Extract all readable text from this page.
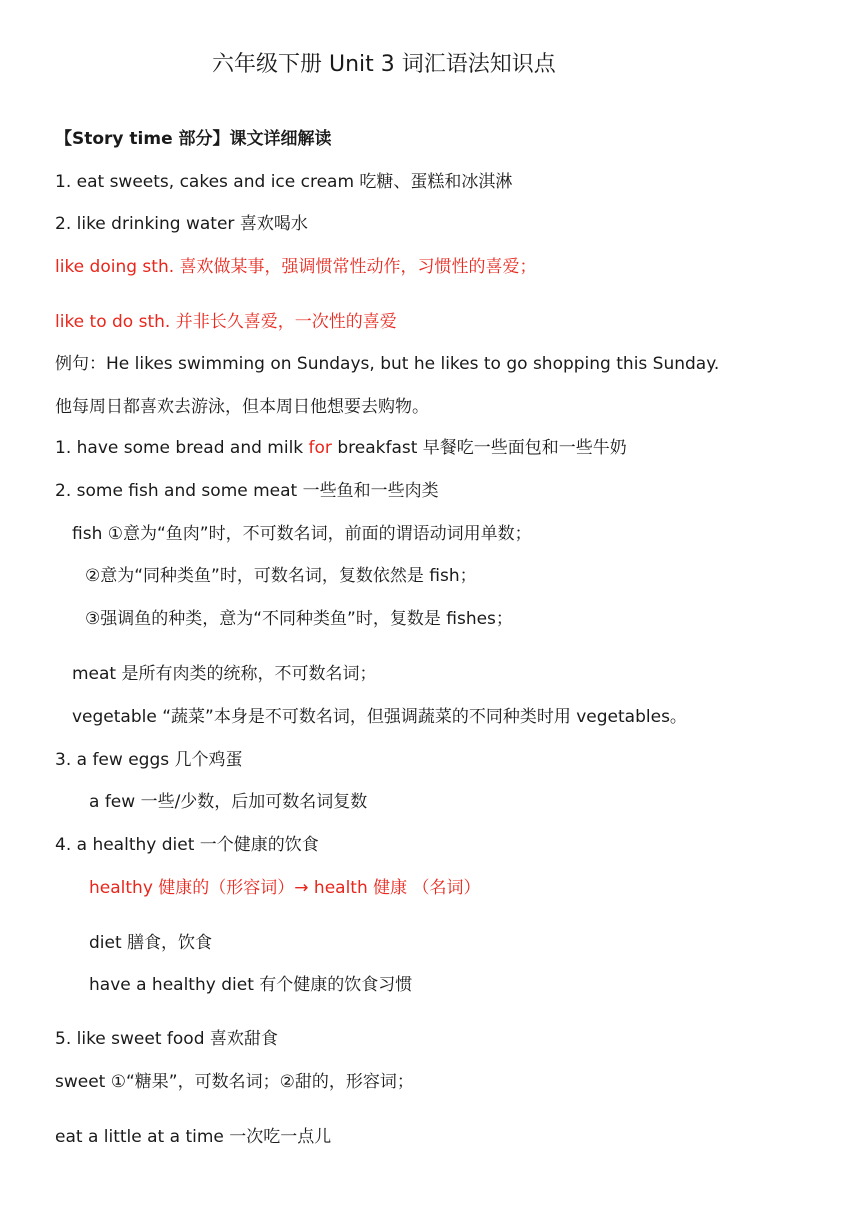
六年级下册 Unit 3 词汇语法知识点
【Story time 部分】课文详细解读
1. eat sweets, cakes and ice cream 吃糖、蛋糕和冰淇淋
2. like drinking water 喜欢喝水
like doing sth. 喜欢做某事，强调惯常性动作，习惯性的喜爱；
like to do sth. 并非长久喜爱，一次性的喜爱
例句：He likes swimming on Sundays, but he likes to go shopping this Sunday.
他每周日都喜欢去游泳，但本周日他想要去购物。
1. have some bread and milk for breakfast 早餐吃一些面包和一些牛奶
2. some fish and some meat 一些鱼和一些肉类
fish ①意为“鱼肉”时，不可数名词，前面的谓语动词用单数；
②意为“同种类鱼”时，可数名词，复数依然是 fish；
③强调鱼的种类，意为“不同种类鱼”时，复数是 fishes；
meat 是所有肉类的统称，不可数名词；
vegetable “蔬菜”本身是不可数名词，但强调蔬菜的不同种类时用 vegetables。
3. a few eggs 几个鸡蛋
a few 一些/少数，后加可数名词复数
4. a healthy diet 一个健康的饮食
healthy 健康的（形容词）→ health 健康 （名词）
diet 膳食，饮食
have a healthy diet 有个健康的饮食习惯
5. like sweet food 喜欢甜食
sweet ①“糖果”，可数名词；②甜的，形容词；
eat a little at a time 一次吃一点儿
